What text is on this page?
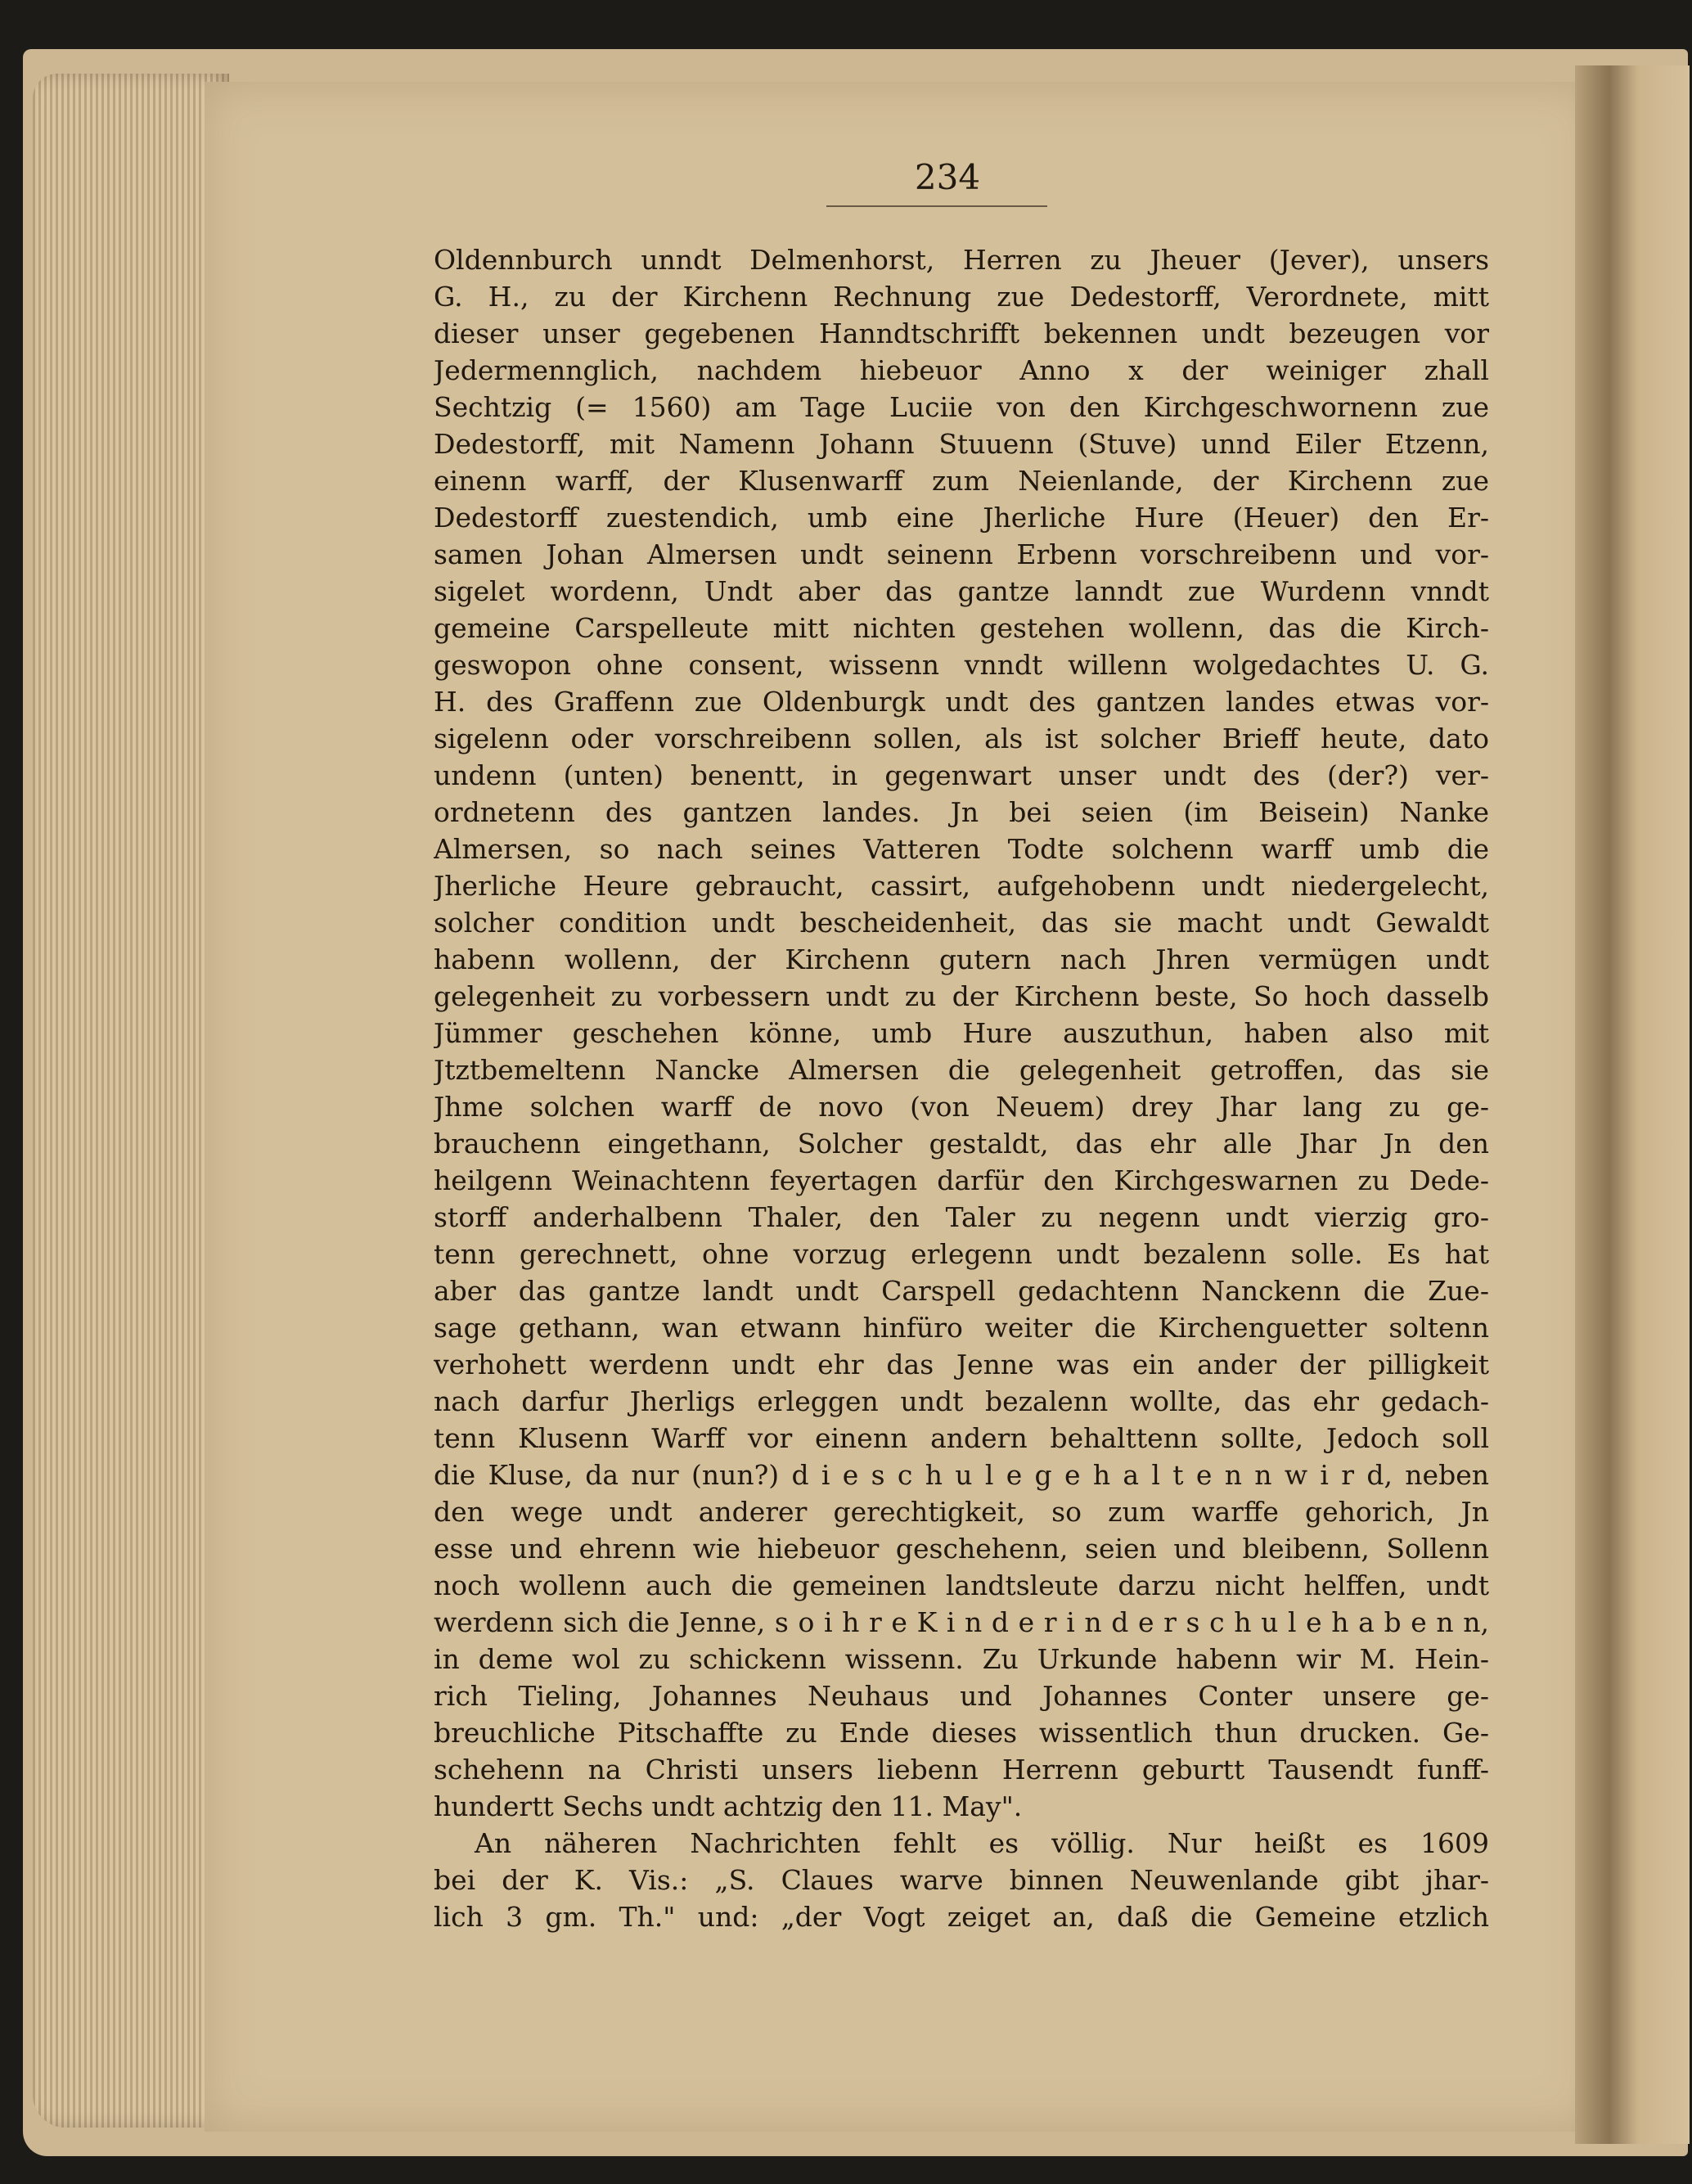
234
Oldennburch unndt Delmenhorst, Herren zu Jheuer (Jever), unsers
G. H., zu der Kirchenn Rechnung zue Dedestorff, Verordnete, mitt
dieser unser gegebenen Hanndtschrifft bekennen undt bezeugen vor
Jedermennglich, nachdem hiebeuor Anno x der weiniger zhall
Sechtzig (= 1560) am Tage Luciie von den Kirchgeschwornenn zue
Dedestorff, mit Namenn Johann Stuuenn (Stuve) unnd Eiler Etzenn,
einenn warff, der Klusenwarff zum Neienlande, der Kirchenn zue
Dedestorff zuestendich, umb eine Jherliche Hure (Heuer) den Er-
samen Johan Almersen undt seinenn Erbenn vorschreibenn und vor-
sigelet wordenn, Undt aber das gantze lanndt zue Wurdenn vnndt
gemeine Carspelleute mitt nichten gestehen wollenn, das die Kirch-
geswороn ohne consent, wissenn vnndt willenn wolgedachtes U. G.
H. des Graffenn zue Oldenburgk undt des gantzen landes etwas vor-
sigelenn oder vorschreibenn sollen, als ist solcher Brieff heute, dato
undenn (unten) benentt, in gegenwart unser undt des (der?) ver-
ordnetenn des gantzen landes. Jn bei seien (im Beisein) Nanke
Almersen, so nach seines Vatteren Todte solchenn warff umb die
Jherliche Heure gebraucht, cassirt, aufgehobenn undt niedergelecht,
solcher condition undt bescheidenheit, das sie macht undt Gewaldt
habenn wollenn, der Kirchenn gutern nach Jhren vermügen undt
gelegenheit zu vorbessern undt zu der Kirchenn beste, So hoch dasselb
Jümmer geschehen könne, umb Hure auszuthun, haben also mit
Jtztbemeltenn Nancke Almersen die gelegenheit getroffen, das sie
Jhme solchen warff de novo (von Neuem) drey Jhar lang zu ge-
brauchenn eingethann, Solcher gestaldt, das ehr alle Jhar Jn den
heilgenn Weinachtenn feyertagen darfür den Kirchgeswarnen zu Dede-
storff anderhalbenn Thaler, den Taler zu negenn undt vierzig gro-
tenn gerechnett, ohne vorzug erlegenn undt bezalenn solle. Es hat
aber das gantze landt undt Carspell gedachtenn Nanckenn die Zue-
sage gethann, wan etwann hinfüro weiter die Kirchenguetter soltenn
verhohett werdenn undt ehr das Jenne was ein ander der pilligkeit
nach darfur Jherligs erleggen undt bezalenn wollte, das ehr gedach-
tenn Klusenn Warff vor einenn andern behalttenn sollte, Jedoch soll
die Kluse, da nur (nun?) d i e s c h u l e g e h a l t e n n w i r d, neben
den wege undt anderer gerechtigkeit, so zum warffe gehorich, Jn
esse und ehrenn wie hiebeuor geschehenn, seien und bleibenn, Sollenn
noch wollenn auch die gemeinen landtsleute darzu nicht helffen, undt
werdenn sich die Jenne, s o i h r e K i n d e r i n d e r s c h u l e h a b e n n,
in deme wol zu schickenn wissenn. Zu Urkunde habenn wir M. Hein-
rich Tieling, Johannes Neuhaus und Johannes Conter unsere ge-
breuchliche Pitschaffte zu Ende dieses wissentlich thun drucken. Ge-
schehenn na Christi unsers liebenn Herrenn geburtt Tausendt funff-
hundertt Sechs undt achtzig den 11. May".
An näheren Nachrichten fehlt es völlig. Nur heißt es 1609
bei der K. Vis.: „S. Claues warve binnen Neuwenlande gibt jhar-
lich 3 gm. Th." und: „der Vogt zeiget an, daß die Gemeine etzlich
